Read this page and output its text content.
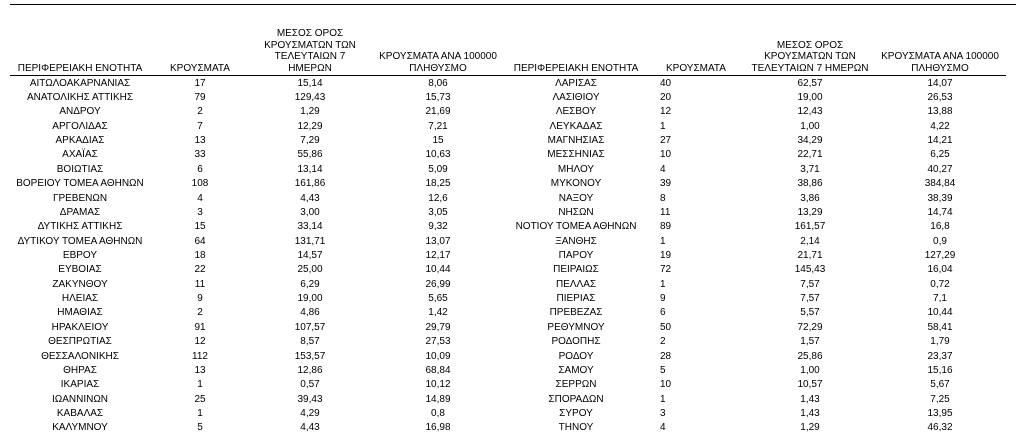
ΠΕΡΙΦΕΡΕΙΑΚΗ ΕΝΟΤΗΤΑ	ΚΡΟΥΣΜΑΤΑ	ΜΕΣΟΣ ΟΡΟΣ ΚΡΟΥΣΜΑΤΩΝ ΤΩΝ ΤΕΛΕΥΤΑΙΩΝ 7 ΗΜΕΡΩΝ	ΚΡΟΥΣΜΑΤΑ ΑΝΑ 100000 ΠΛΗΘΥΣΜΟ	ΠΕΡΙΦΕΡΕΙΑΚΗ ΕΝΟΤΗΤΑ	ΚΡΟΥΣΜΑΤΑ	ΜΕΣΟΣ ΟΡΟΣ ΚΡΟΥΣΜΑΤΩΝ ΤΩΝ ΤΕΛΕΥΤΑΙΩΝ 7 ΗΜΕΡΩΝ	ΚΡΟΥΣΜΑΤΑ ΑΝΑ 100000 ΠΛΗΘΥΣΜΟ
ΑΙΤΩΛΟΑΚΑΡΝΑΝΙΑΣ	17	15,14	8,06	ΛΑΡΙΣΑΣ	40	62,57	14,07
ΑΝΑΤΟΛΙΚΗΣ ΑΤΤΙΚΗΣ	79	129,43	15,73	ΛΑΣΙΘΙΟΥ	20	19,00	26,53
ΑΝΔΡΟΥ	2	1,29	21,69	ΛΕΣΒΟΥ	12	12,43	13,88
ΑΡΓΟΛΙΔΑΣ	7	12,29	7,21	ΛΕΥΚΑΔΑΣ	1	1,00	4,22
ΑΡΚΑΔΙΑΣ	13	7,29	15	ΜΑΓΝΗΣΙΑΣ	27	34,29	14,21
ΑΧΑΪΑΣ	33	55,86	10,63	ΜΕΣΣΗΝΙΑΣ	10	22,71	6,25
ΒΟΙΩΤΙΑΣ	6	13,14	5,09	ΜΗΛΟΥ	4	3,71	40,27
ΒΟΡΕΙΟΥ ΤΟΜΕΑ ΑΘΗΝΩΝ	108	161,86	18,25	ΜΥΚΟΝΟΥ	39	38,86	384,84
ΓΡΕΒΕΝΩΝ	4	4,43	12,6	ΝΑΞΟΥ	8	3,86	38,39
ΔΡΑΜΑΣ	3	3,00	3,05	ΝΗΣΩΝ	11	13,29	14,74
ΔΥΤΙΚΗΣ ΑΤΤΙΚΗΣ	15	33,14	9,32	ΝΟΤΙΟΥ ΤΟΜΕΑ ΑΘΗΝΩΝ	89	161,57	16,8
ΔΥΤΙΚΟΥ ΤΟΜΕΑ ΑΘΗΝΩΝ	64	131,71	13,07	ΞΑΝΘΗΣ	1	2,14	0,9
ΕΒΡΟΥ	18	14,57	12,17	ΠΑΡΟΥ	19	21,71	127,29
ΕΥΒΟΙΑΣ	22	25,00	10,44	ΠΕΙΡΑΙΩΣ	72	145,43	16,04
ΖΑΚΥΝΘΟΥ	11	6,29	26,99	ΠΕΛΛΑΣ	1	7,57	0,72
ΗΛΕΙΑΣ	9	19,00	5,65	ΠΙΕΡΙΑΣ	9	7,57	7,1
ΗΜΑΘΙΑΣ	2	4,86	1,42	ΠΡΕΒΕΖΑΣ	6	5,57	10,44
ΗΡΑΚΛΕΙΟΥ	91	107,57	29,79	ΡΕΘΥΜΝΟΥ	50	72,29	58,41
ΘΕΣΠΡΩΤΙΑΣ	12	8,57	27,53	ΡΟΔΟΠΗΣ	2	1,57	1,79
ΘΕΣΣΑΛΟΝΙΚΗΣ	112	153,57	10,09	ΡΟΔΟΥ	28	25,86	23,37
ΘΗΡΑΣ	13	12,86	68,84	ΣΑΜΟΥ	5	1,00	15,16
ΙΚΑΡΙΑΣ	1	0,57	10,12	ΣΕΡΡΩΝ	10	10,57	5,67
ΙΩΑΝΝΙΝΩΝ	25	39,43	14,89	ΣΠΟΡΑΔΩΝ	1	1,43	7,25
ΚΑΒΑΛΑΣ	1	4,29	0,8	ΣΥΡΟΥ	3	1,43	13,95
ΚΑΛΥΜΝΟΥ	5	4,43	16,98	ΤΗΝΟΥ	4	1,29	46,32
